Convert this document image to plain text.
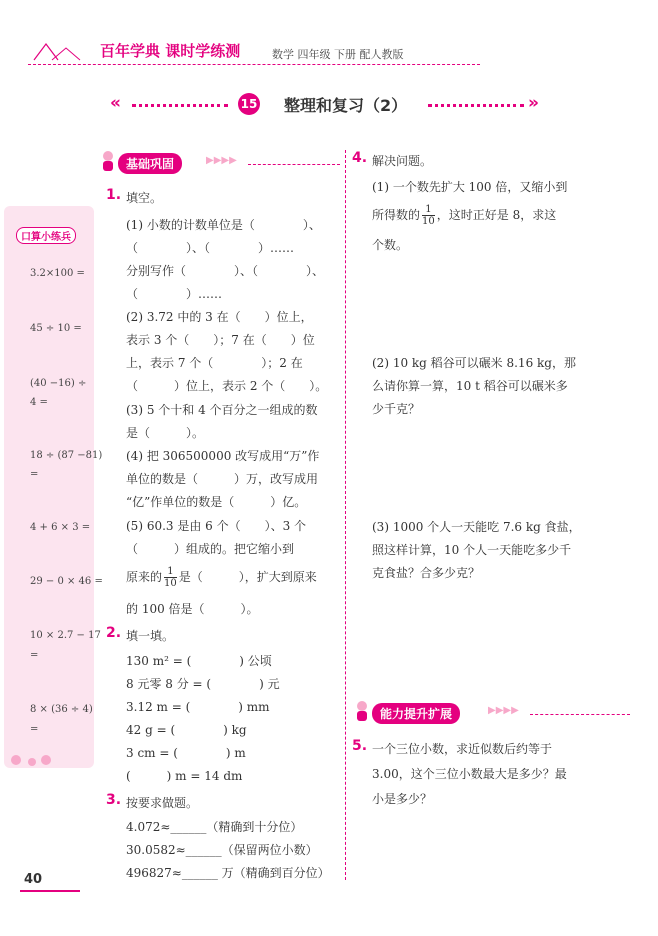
百年学典 课时学练测	数学 四年级 下册 配人教版
«	15 整理和复习（2）	»
口算小练兵
3.2×100 =
45 ÷ 10 =
(40 −16) ÷
4 =
18 ÷ (87 −81)
=
4 + 6 × 3 =
29 − 0 × 46 =
10 × 2.7 − 17
=
8 × (36 ÷ 4)
=
基础巩固	▶▶▶▶
1. 填空。
(1) 小数的计数单位是（　　　　）、
（　　　　）、（　　　　）……
分别写作（　　　　）、（　　　　）、
（　　　　）……
(2) 3.72 中的 3 在（　　）位上，
表示 3 个（　　）；7 在（　　）位
上，表示 7 个（　　　　）；2 在
（　　　）位上，表示 2 个（　　）。
(3) 5 个十和 4 个百分之一组成的数
是（　　　）。
(4) 把 306500000 改写成用“万”作
单位的数是（　　　）万，改写成用
“亿”作单位的数是（　　　）亿。
(5) 60.3 是由 6 个（　　）、3 个
（　　　）组成的。把它缩小到
原来的 $\frac{1}{10}$ 是（　　　），扩大到原来
的 100 倍是（　　　）。
2. 填一填。
130 m² = (　　　　) 公顷
8 元零 8 分 = (　　　　) 元
3.12 m = (　　　　) mm
42 g = (　　　　) kg
3 cm = (　　　　) m
(　　　) m = 14 dm
3. 按要求做题。
4.072≈______（精确到十分位）
30.0582≈______（保留两位小数）
496827≈______ 万（精确到百分位）
4. 解决问题。
(1) 一个数先扩大 100 倍，又缩小到
所得数的 $\frac{1}{10}$ ，这时正好是 8，求这
个数。
(2) 10 kg 稻谷可以碾米 8.16 kg，那
么请你算一算，10 t 稻谷可以碾米多
少千克？
(3) 1000 个人一天能吃 7.6 kg 食盐，
照这样计算，10 个人一天能吃多少千
克食盐？合多少克？
能力提升扩展	▶▶▶▶
5. 一个三位小数，求近似数后约等于
3.00，这个三位小数最大是多少？最
小是多少？
40
